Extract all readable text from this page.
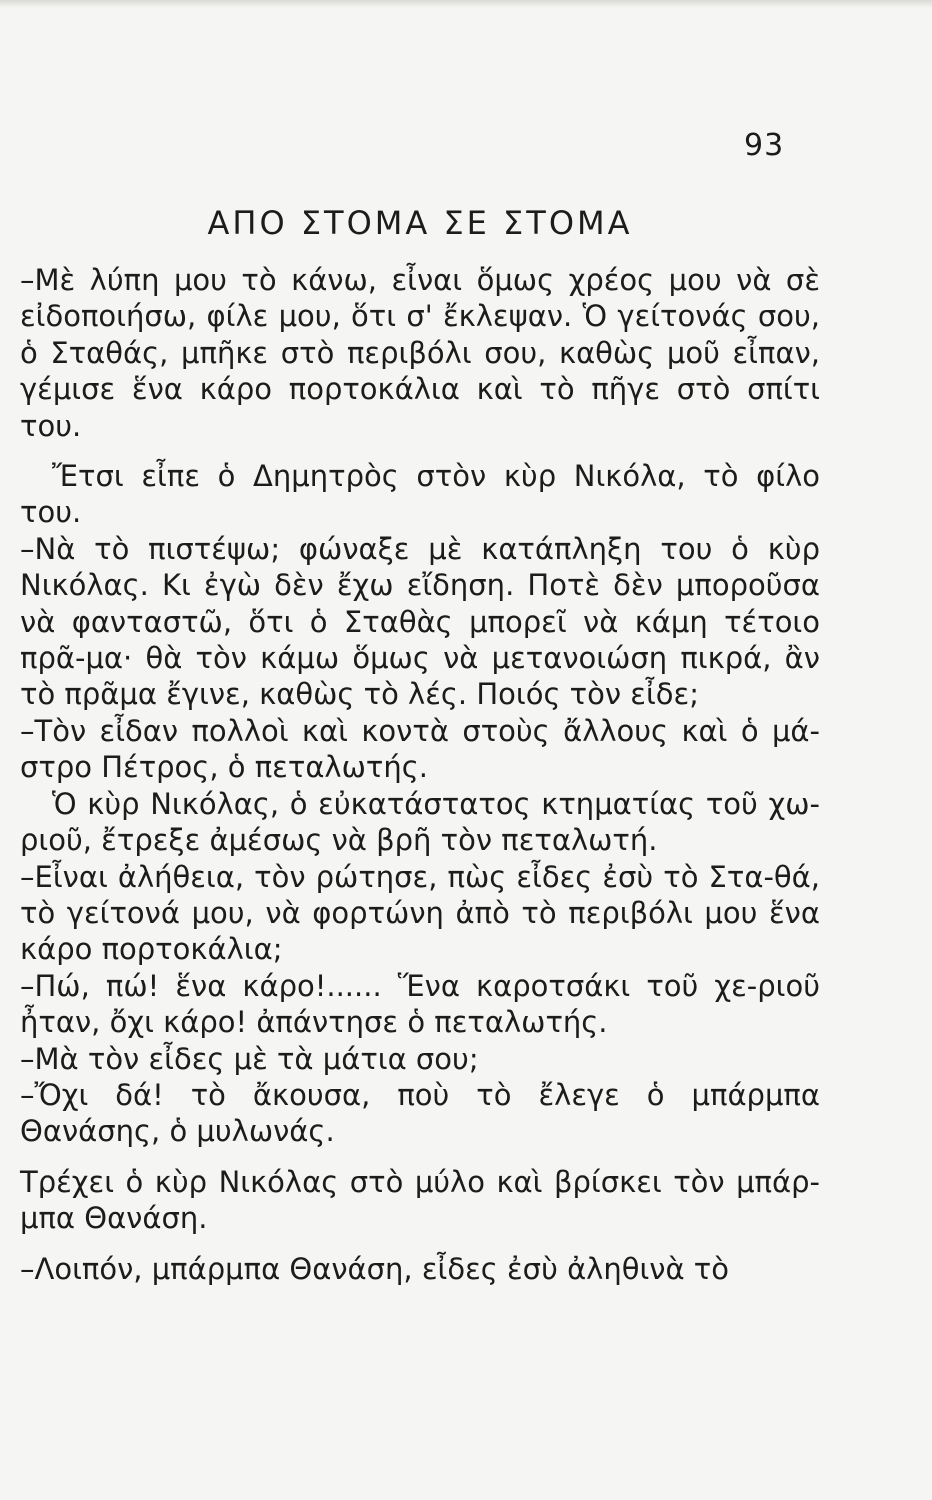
93
ΑΠΟ ΣΤΟΜΑ ΣΕ ΣΤΟΜΑ

–Μὲ λύπη μου τὸ κάνω, εἶναι ὅμως χρέος μου νὰ σὲ εἰδοποιήσω, φίλε μου, ὅτι σ' ἔκλεψαν. Ὁ γείτονάς σου, ὁ Σταθάς, μπῆκε στὸ περιβόλι σου, καθὼς μοῦ εἶπαν, γέμισε ἕνα κάρο πορτοκάλια καὶ τὸ πῆγε στὸ σπίτι του.

Ἔτσι εἶπε ὁ Δημητρὸς στὸν κὺρ Νικόλα, τὸ φίλο του.

–Νὰ τὸ πιστέψω; φώναξε μὲ κατάπληξη του ὁ κὺρ Νικόλας. Κι ἐγὼ δὲν ἔχω εἴδηση. Ποτὲ δὲν μποροῦσα νὰ φανταστῶ, ὅτι ὁ Σταθὰς μπορεῖ νὰ κάμη τέτοιο πρᾶ-μα· θὰ τὸν κάμω ὅμως νὰ μετανοιώση πικρά, ἂν τὸ πρᾶμα ἔγινε, καθὼς τὸ λές. Ποιός τὸν εἶδε;

–Τὸν εἶδαν πολλοὶ καὶ κοντὰ στοὺς ἄλλους καὶ ὁ μά-στρο Πέτρος, ὁ πεταλωτής.

Ὁ κὺρ Νικόλας, ὁ εὐκατάστατος κτηματίας τοῦ χω-ριοῦ, ἔτρεξε ἀμέσως νὰ βρῆ τὸν πεταλωτή.

–Εἶναι ἀλήθεια, τὸν ρώτησε, πὼς εἶδες ἐσὺ τὸ Στα-θά, τὸ γείτονά μου, νὰ φορτώνη ἀπὸ τὸ περιβόλι μου ἕνα κάρο πορτοκάλια;

–Πώ, πώ! ἕνα κάρο!...... Ἕνα καροτσάκι τοῦ χε-ριοῦ ἦταν, ὄχι κάρο! ἀπάντησε ὁ πεταλωτής.

–Μὰ τὸν εἶδες μὲ τὰ μάτια σου;

–Ὄχι δά! τὸ ἄκουσα, ποὺ τὸ ἔλεγε ὁ μπάρμπα Θανάσης, ὁ μυλωνάς.

Τρέχει ὁ κὺρ Νικόλας στὸ μύλο καὶ βρίσκει τὸν μπάρ-μπα Θανάση.

–Λοιπόν, μπάρμπα Θανάση, εἶδες ἐσὺ ἀληθινὰ τὸ
